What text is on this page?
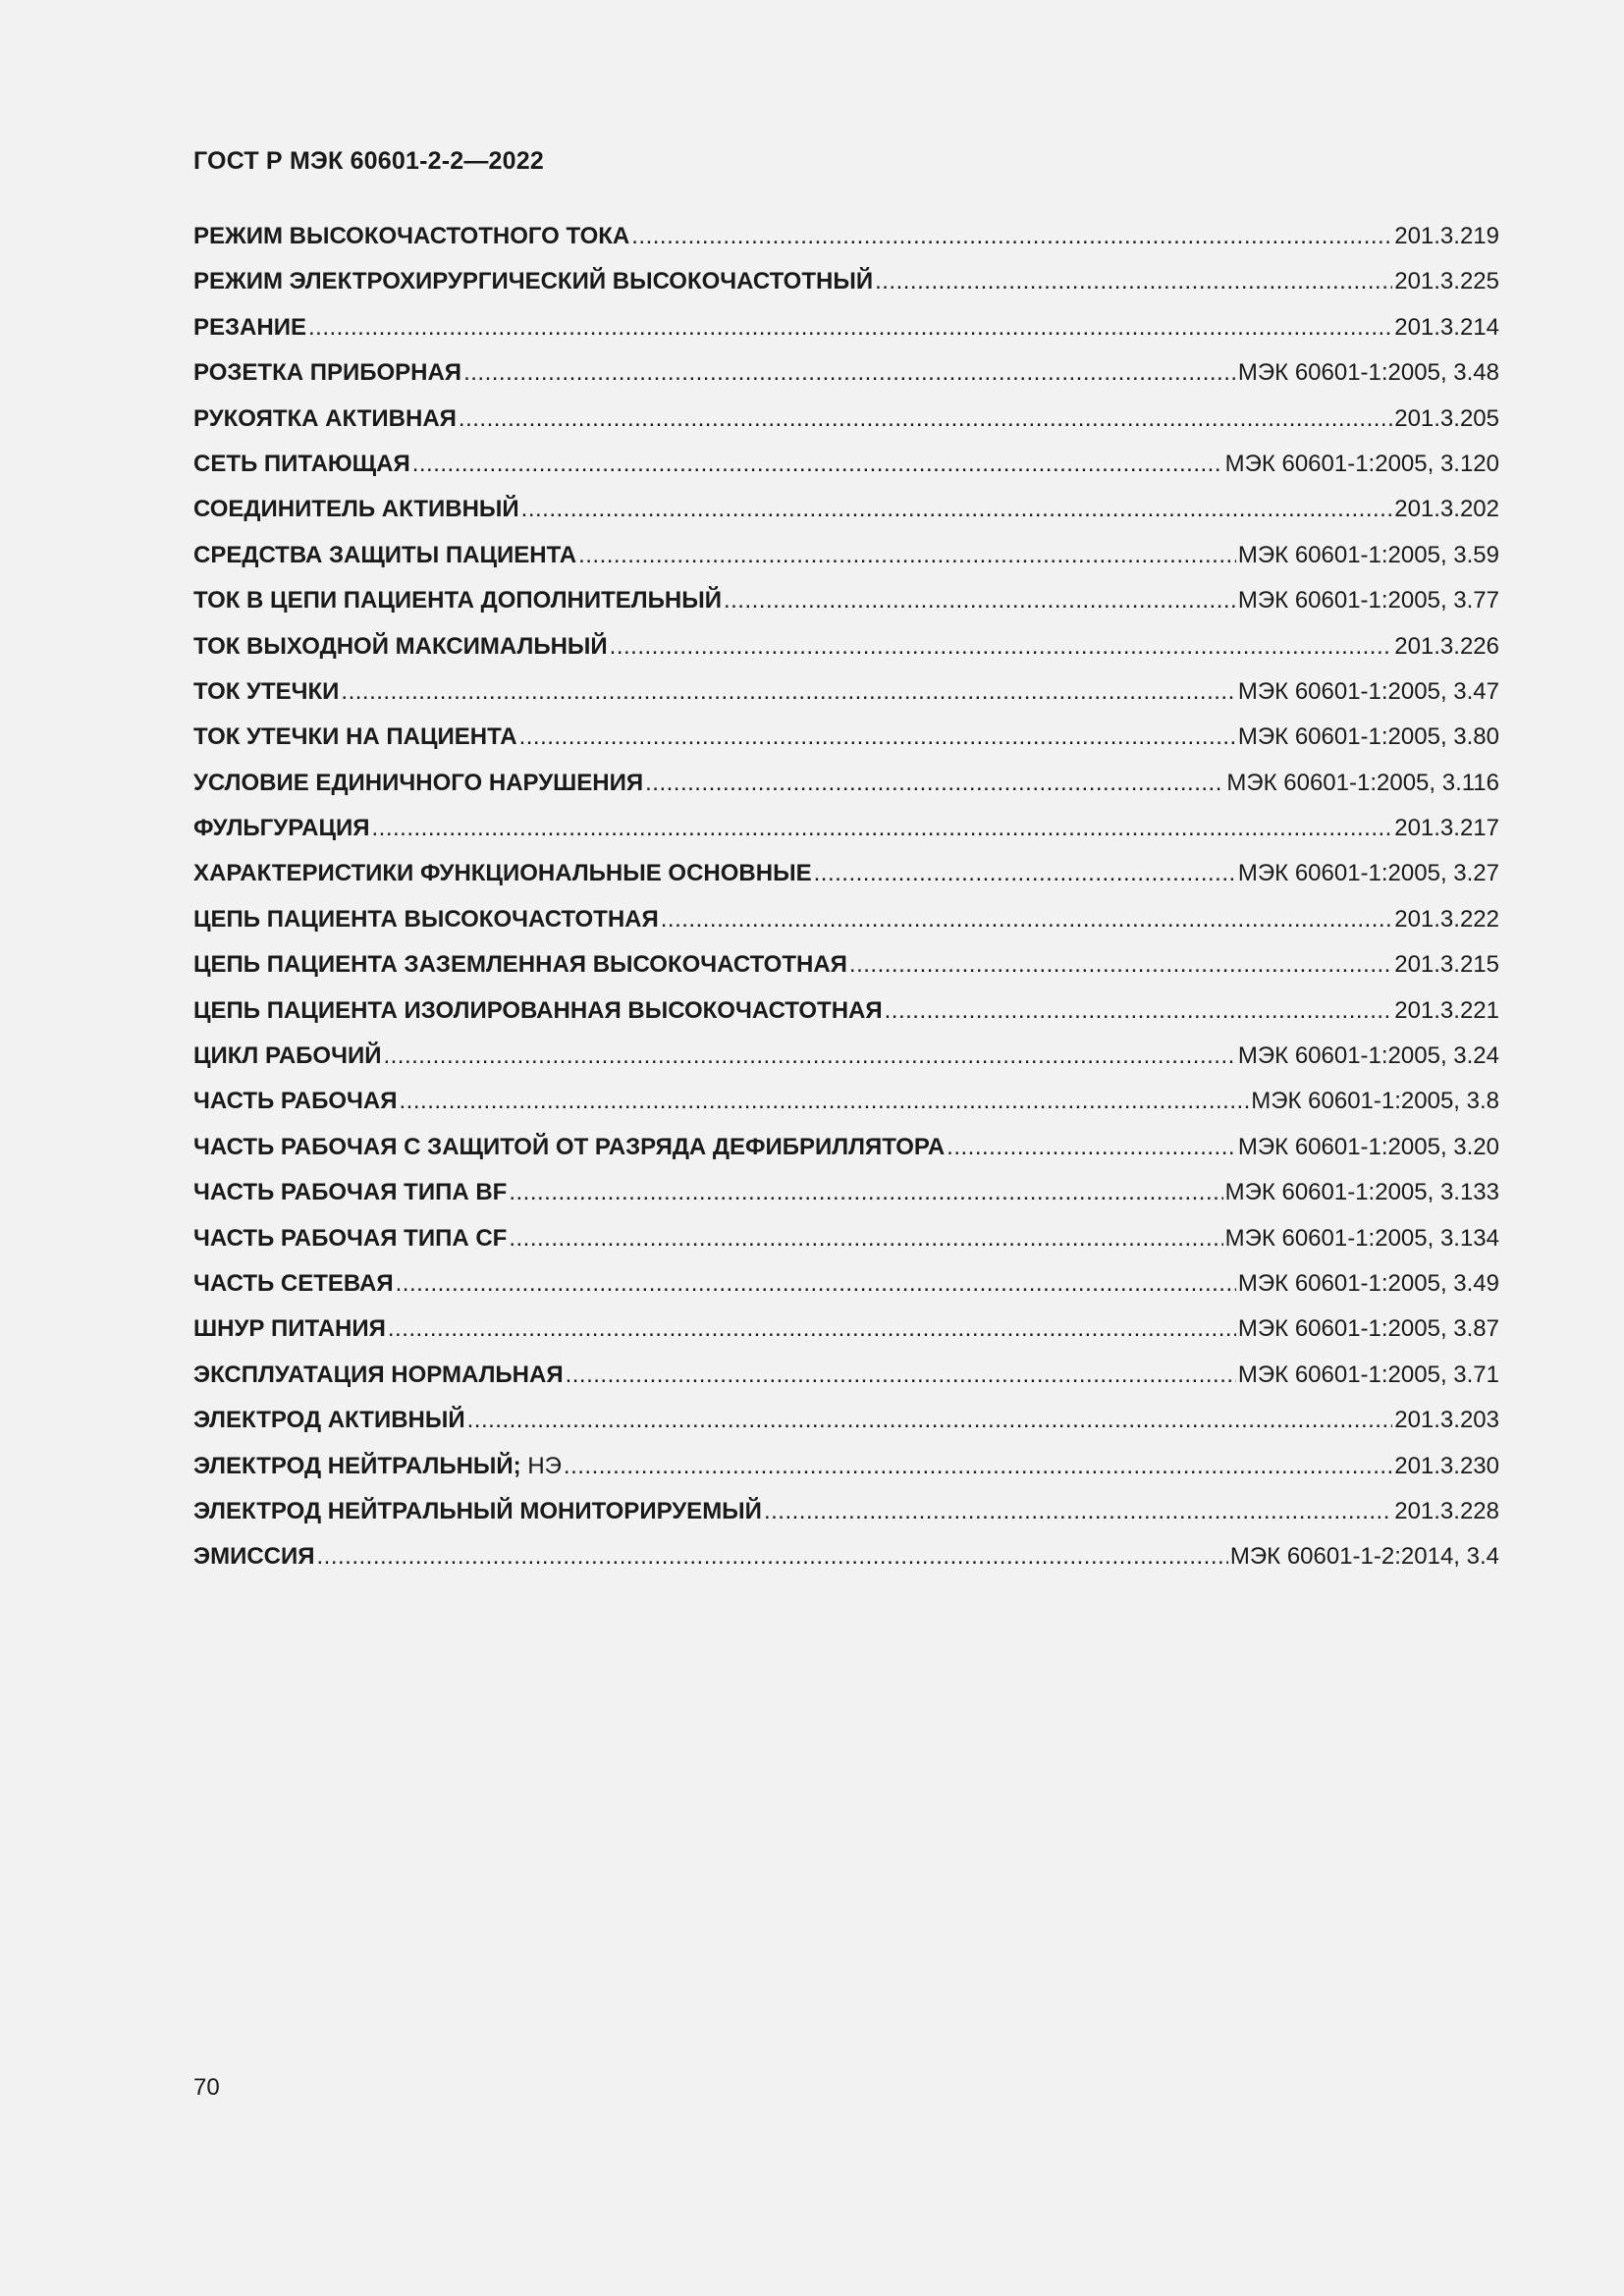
ГОСТ Р МЭК 60601-2-2—2022
РЕЖИМ ВЫСОКОЧАСТОТНОГО ТОКА .....	201.3.219
РЕЖИМ ЭЛЕКТРОХИРУРГИЧЕСКИЙ ВЫСОКОЧАСТОТНЫЙ .....	201.3.225
РЕЗАНИЕ .....	201.3.214
РОЗЕТКА ПРИБОРНАЯ .....	МЭК 60601-1:2005, 3.48
РУКОЯТКА АКТИВНАЯ .....	201.3.205
СЕТЬ ПИТАЮЩАЯ .....	МЭК 60601-1:2005, 3.120
СОЕДИНИТЕЛЬ АКТИВНЫЙ .....	201.3.202
СРЕДСТВА ЗАЩИТЫ ПАЦИЕНТА .....	МЭК 60601-1:2005, 3.59
ТОК В ЦЕПИ ПАЦИЕНТА ДОПОЛНИТЕЛЬНЫЙ .....	МЭК 60601-1:2005, 3.77
ТОК ВЫХОДНОЙ МАКСИМАЛЬНЫЙ .....	201.3.226
ТОК УТЕЧКИ .....	МЭК 60601-1:2005, 3.47
ТОК УТЕЧКИ НА ПАЦИЕНТА .....	МЭК 60601-1:2005, 3.80
УСЛОВИЕ ЕДИНИЧНОГО НАРУШЕНИЯ .....	МЭК 60601-1:2005, 3.116
ФУЛЬГУРАЦИЯ .....	201.3.217
ХАРАКТЕРИСТИКИ ФУНКЦИОНАЛЬНЫЕ ОСНОВНЫЕ .....	МЭК 60601-1:2005, 3.27
ЦЕПЬ ПАЦИЕНТА ВЫСОКОЧАСТОТНАЯ .....	201.3.222
ЦЕПЬ ПАЦИЕНТА ЗАЗЕМЛЕННАЯ ВЫСОКОЧАСТОТНАЯ .....	201.3.215
ЦЕПЬ ПАЦИЕНТА ИЗОЛИРОВАННАЯ ВЫСОКОЧАСТОТНАЯ .....	201.3.221
ЦИКЛ РАБОЧИЙ .....	МЭК 60601-1:2005, 3.24
ЧАСТЬ РАБОЧАЯ .....	МЭК 60601-1:2005, 3.8
ЧАСТЬ РАБОЧАЯ С ЗАЩИТОЙ ОТ РАЗРЯДА ДЕФИБРИЛЛЯТОРА .....	МЭК 60601-1:2005, 3.20
ЧАСТЬ РАБОЧАЯ ТИПА BF .....	МЭК 60601-1:2005, 3.133
ЧАСТЬ РАБОЧАЯ ТИПА CF .....	МЭК 60601-1:2005, 3.134
ЧАСТЬ СЕТЕВАЯ .....	МЭК 60601-1:2005, 3.49
ШНУР ПИТАНИЯ .....	МЭК 60601-1:2005, 3.87
ЭКСПЛУАТАЦИЯ НОРМАЛЬНАЯ .....	МЭК 60601-1:2005, 3.71
ЭЛЕКТРОД АКТИВНЫЙ .....	201.3.203
ЭЛЕКТРОД НЕЙТРАЛЬНЫЙ; НЭ .....	201.3.230
ЭЛЕКТРОД НЕЙТРАЛЬНЫЙ МОНИТОРИРУЕМЫЙ .....	201.3.228
ЭМИССИЯ .....	МЭК 60601-1-2:2014, 3.4
70
